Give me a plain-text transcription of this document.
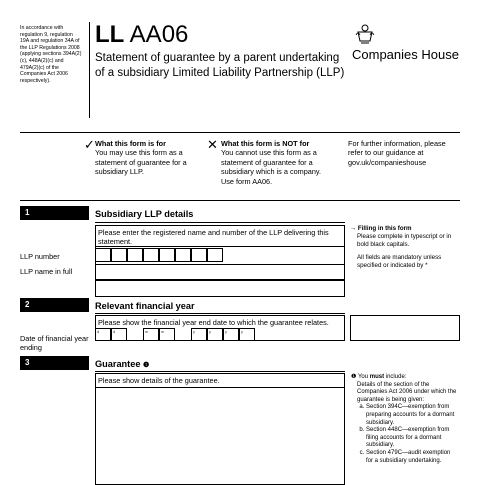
In accordance with regulation 9, regulation 19A and regulation 34A of the LLP Regulations 2008 (applying sections 394A(2)(c), 448A(2)(c) and 479A(2)(c) of the Companies Act 2006 respectively).
LL AA06
Statement of guarantee by a parent undertaking of a subsidiary Limited Liability Partnership (LLP)
Companies House
✓ What this form is for
You may use this form as a statement of guarantee for a subsidiary LLP.
✕ What this form is NOT for
You cannot use this form as a statement of guarantee for a subsidiary which is a company. Use form AA06.
For further information, please refer to our guidance at gov.uk/companieshouse
1	Subsidiary LLP details
Please enter the registered name and number of the LLP delivering this statement.
LLP number
LLP name in full
→ Filling in this form
Please complete in typescript or in bold black capitals.
All fields are mandatory unless specified or indicated by *
2	Relevant financial year
Please show the financial year end date to which the guarantee relates.
Date of financial year ending
d	d	m	m	y	y	y	y
3	Guarantee ❶
Please show details of the guarantee.	❶ You must include:
Details of the section of the Companies Act 2006 under which the guarantee is being given:
a. Section 394C—exemption from preparing accounts for a dormant subsidiary.
b. Section 448C—exemption from filing accounts for a dormant subsidiary.
c. Section 479C—audit exemption for a subsidiary undertaking.
